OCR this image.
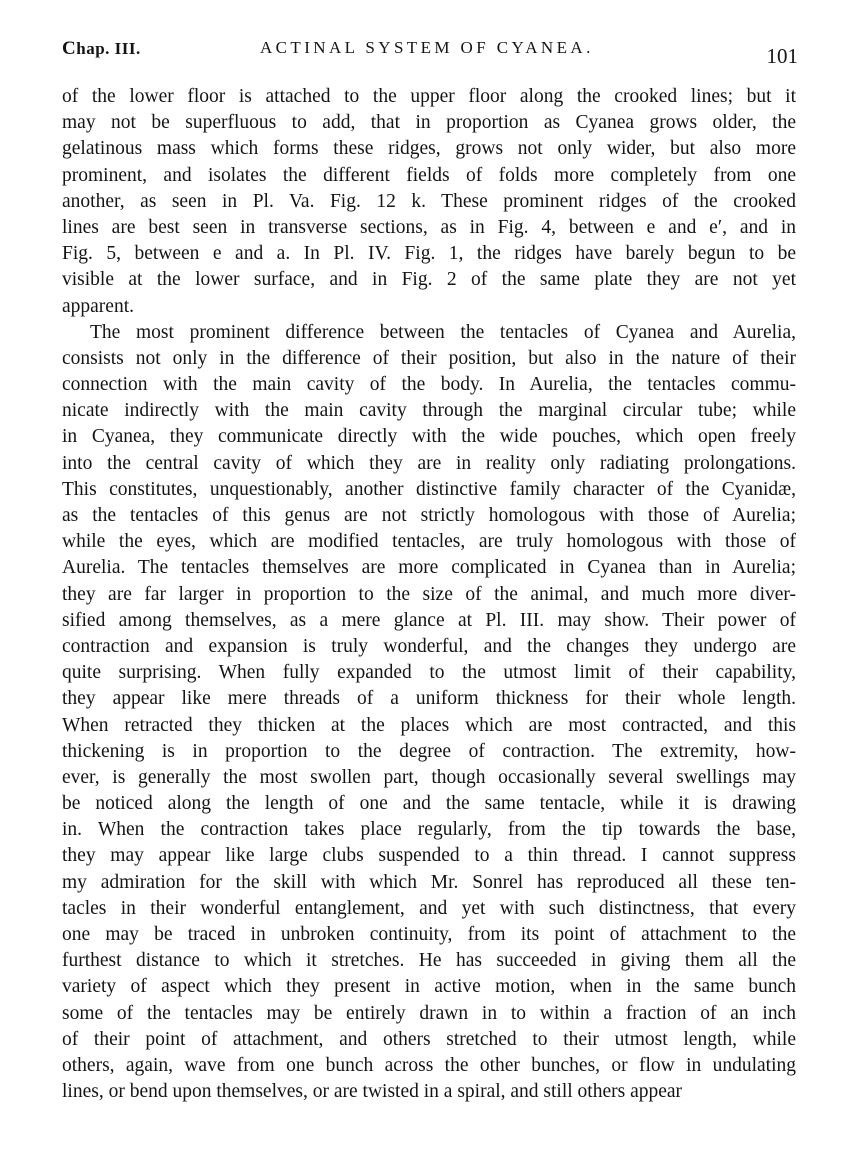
Chap. III.	ACTINAL SYSTEM OF CYANEA.	101
of the lower floor is attached to the upper floor along the crooked lines; but it
may not be superfluous to add, that in proportion as Cyanea grows older, the
gelatinous mass which forms these ridges, grows not only wider, but also more
prominent, and isolates the different fields of folds more completely from one
another, as seen in Pl. Va. Fig. 12 k. These prominent ridges of the crooked
lines are best seen in transverse sections, as in Fig. 4, between e and e′, and in
Fig. 5, between e and a. In Pl. IV. Fig. 1, the ridges have barely begun to be
visible at the lower surface, and in Fig. 2 of the same plate they are not yet
apparent.
The most prominent difference between the tentacles of Cyanea and Aurelia,
consists not only in the difference of their position, but also in the nature of their
connection with the main cavity of the body. In Aurelia, the tentacles commu-
nicate indirectly with the main cavity through the marginal circular tube; while
in Cyanea, they communicate directly with the wide pouches, which open freely
into the central cavity of which they are in reality only radiating prolongations.
This constitutes, unquestionably, another distinctive family character of the Cyanidæ,
as the tentacles of this genus are not strictly homologous with those of Aurelia;
while the eyes, which are modified tentacles, are truly homologous with those of
Aurelia. The tentacles themselves are more complicated in Cyanea than in Aurelia;
they are far larger in proportion to the size of the animal, and much more diver-
sified among themselves, as a mere glance at Pl. III. may show. Their power of
contraction and expansion is truly wonderful, and the changes they undergo are
quite surprising. When fully expanded to the utmost limit of their capability,
they appear like mere threads of a uniform thickness for their whole length.
When retracted they thicken at the places which are most contracted, and this
thickening is in proportion to the degree of contraction. The extremity, how-
ever, is generally the most swollen part, though occasionally several swellings may
be noticed along the length of one and the same tentacle, while it is drawing
in. When the contraction takes place regularly, from the tip towards the base,
they may appear like large clubs suspended to a thin thread. I cannot suppress
my admiration for the skill with which Mr. Sonrel has reproduced all these ten-
tacles in their wonderful entanglement, and yet with such distinctness, that every
one may be traced in unbroken continuity, from its point of attachment to the
furthest distance to which it stretches. He has succeeded in giving them all the
variety of aspect which they present in active motion, when in the same bunch
some of the tentacles may be entirely drawn in to within a fraction of an inch
of their point of attachment, and others stretched to their utmost length, while
others, again, wave from one bunch across the other bunches, or flow in undulating
lines, or bend upon themselves, or are twisted in a spiral, and still others appear
